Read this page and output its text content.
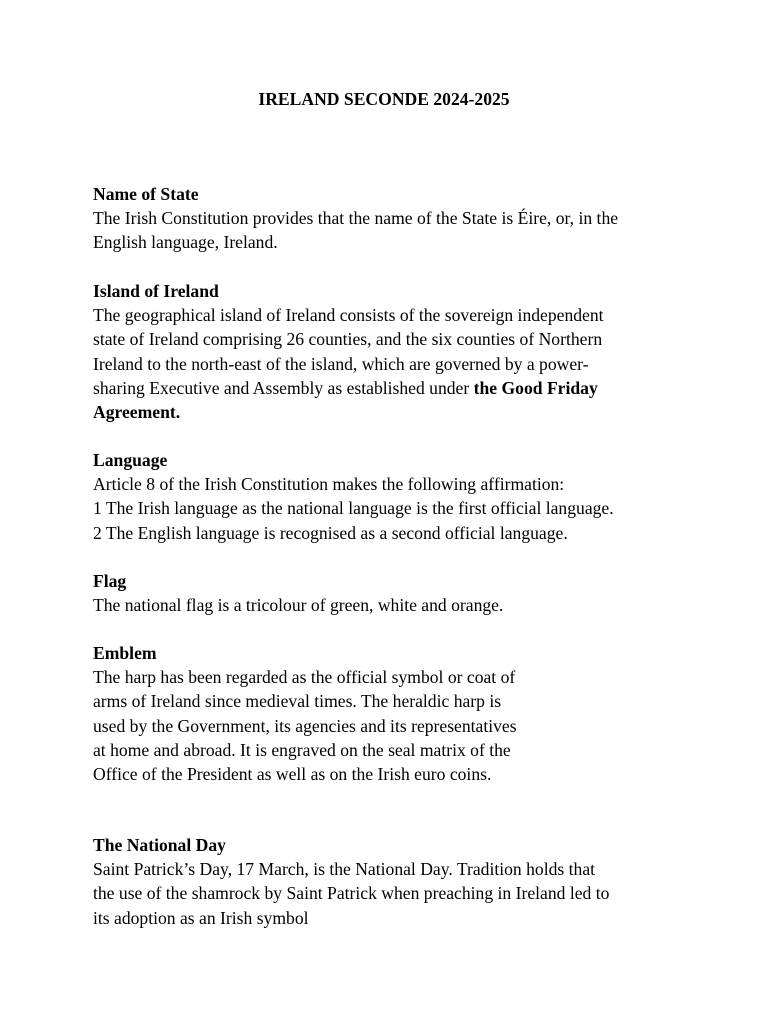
IRELAND SECONDE 2024-2025
Name of State
The Irish Constitution provides that the name of the State is Éire, or, in the
English language, Ireland.
Island of Ireland
The geographical island of Ireland consists of the sovereign independent
state of Ireland comprising 26 counties, and the six counties of Northern
Ireland to the north-east of the island, which are governed by a power-
sharing Executive and Assembly as established under the Good Friday
Agreement.
Language
Article 8 of the Irish Constitution makes the following affirmation:
1 The Irish language as the national language is the first official language.
2 The English language is recognised as a second official language.
Flag
The national flag is a tricolour of green, white and orange.
Emblem
The harp has been regarded as the official symbol or coat of
arms of Ireland since medieval times. The heraldic harp is
used by the Government, its agencies and its representatives
at home and abroad. It is engraved on the seal matrix of the
Office of the President as well as on the Irish euro coins.
The National Day
Saint Patrick’s Day, 17 March, is the National Day. Tradition holds that
the use of the shamrock by Saint Patrick when preaching in Ireland led to
its adoption as an Irish symbol
